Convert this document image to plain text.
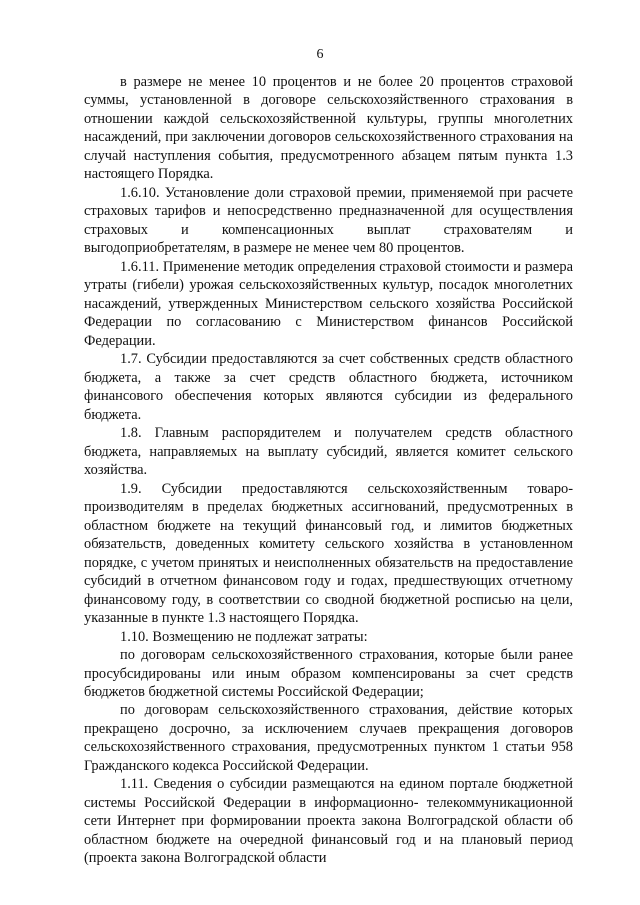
6

в размере не менее 10 процентов и не более 20 процентов страховой суммы, установленной в договоре сельскохозяйственного страхования в отношении каждой сельскохозяйственной культуры, группы многолетних насаждений, при заключении договоров сельскохозяйственного страхования на случай наступления события, предусмотренного абзацем пятым пункта 1.3 настоящего Порядка.

1.6.10. Установление доли страховой премии, применяемой при расчете страховых тарифов и непосредственно предназначенной для осуществления страховых и компенсационных выплат страхователям и выгодоприобретателям, в размере не менее чем 80 процентов.

1.6.11. Применение методик определения страховой стоимости и размера утраты (гибели) урожая сельскохозяйственных культур, посадок многолетних насаждений, утвержденных Министерством сельского хозяйства Российской Федерации по согласованию с Министерством финансов Российской Федерации.

1.7. Субсидии предоставляются за счет собственных средств областного бюджета, а также за счет средств областного бюджета, источником финансового обеспечения которых являются субсидии из федерального бюджета.

1.8. Главным распорядителем и получателем средств областного бюджета, направляемых на выплату субсидий, является комитет сельского хозяйства.

1.9. Субсидии предоставляются сельскохозяйственным товаро- производителям в пределах бюджетных ассигнований, предусмотренных в областном бюджете на текущий финансовый год, и лимитов бюджетных обязательств, доведенных комитету сельского хозяйства в установленном порядке, с учетом принятых и неисполненных обязательств на предоставление субсидий в отчетном финансовом году и годах, предшествующих отчетному финансовому году, в соответствии со сводной бюджетной росписью на цели, указанные в пункте 1.3 настоящего Порядка.

1.10. Возмещению не подлежат затраты:

по договорам сельскохозяйственного страхования, которые были ранее просубсидированы или иным образом компенсированы за счет средств бюджетов бюджетной системы Российской Федерации;

по договорам сельскохозяйственного страхования, действие которых прекращено досрочно, за исключением случаев прекращения договоров сельскохозяйственного страхования, предусмотренных пунктом 1 статьи 958 Гражданского кодекса Российской Федерации.

1.11. Сведения о субсидии размещаются на едином портале бюджетной системы Российской Федерации в информационно- телекоммуникационной сети Интернет при формировании проекта закона Волгоградской области об областном бюджете на очередной финансовый год и на плановый период (проекта закона Волгоградской области
